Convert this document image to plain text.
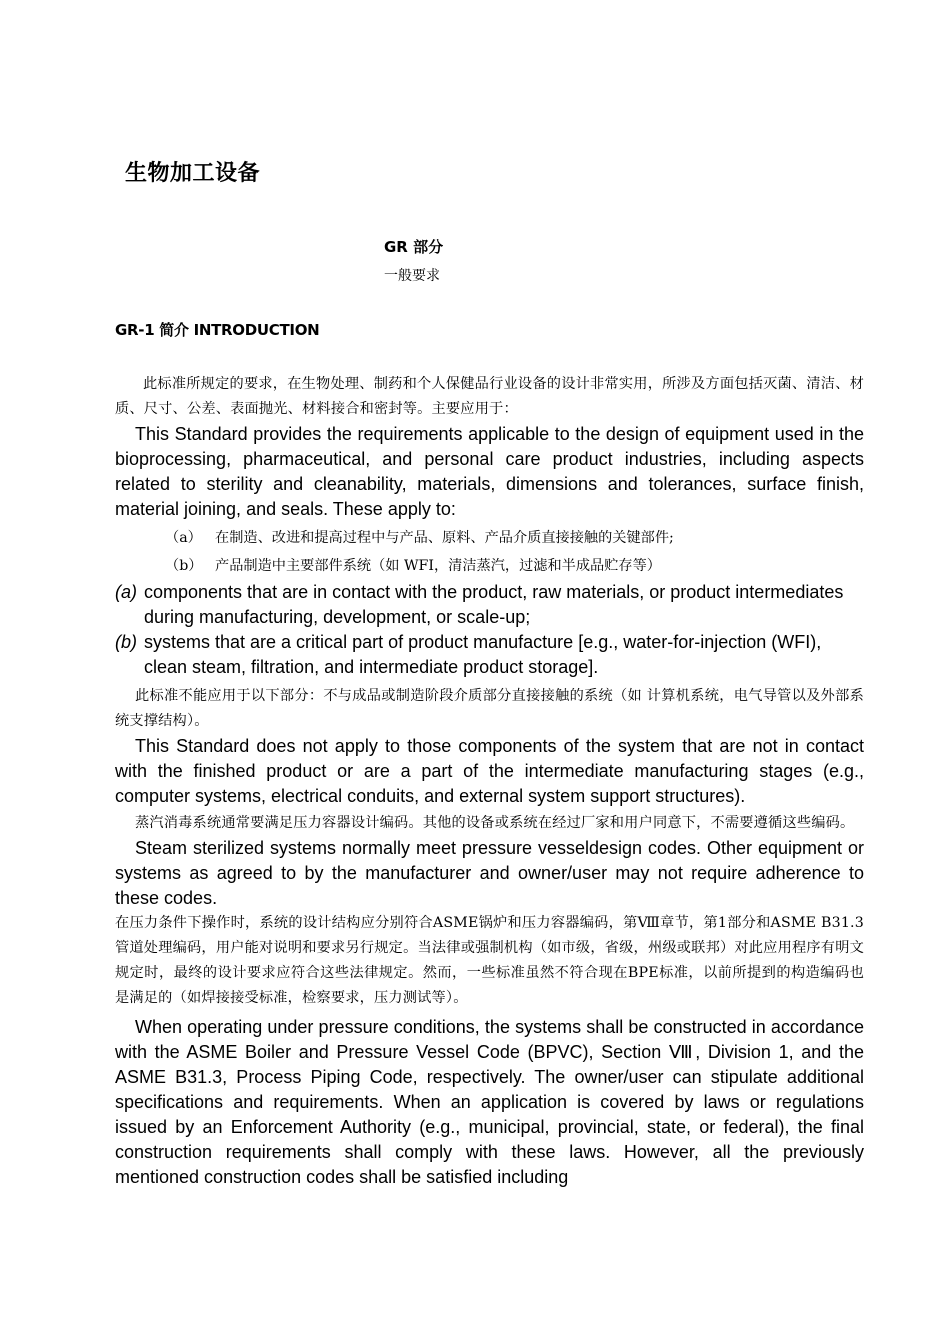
生物加工设备
GR 部分
一般要求
GR-1 简介 INTRODUCTION

此标准所规定的要求，在生物处理、制药和个人保健品行业设备的设计非常实用，所涉及方面包括灭菌、清洁、材质、尺寸、公差、表面抛光、材料接合和密封等。主要应用于：

This Standard provides the requirements applicable to the design of equipment used in the bioprocessing, pharmaceutical, and personal care product industries, including aspects related to sterility and cleanability, materials, dimensions and tolerances, surface finish, material joining, and seals. These apply to:

（a） 在制造、改进和提高过程中与产品、原料、产品介质直接接触的关键部件;

（b） 产品制造中主要部件系统（如 WFI，清洁蒸汽，过滤和半成品贮存等）

(a) components that are in contact with the product, raw materials, or product intermediates during manufacturing, development, or scale-up;

(b) systems that are a critical part of product manufacture [e.g., water-for-injection (WFI), clean steam, filtration, and intermediate product storage].

此标准不能应用于以下部分：不与成品或制造阶段介质部分直接接触的系统（如 计算机系统，电气导管以及外部系统支撑结构）。

This Standard does not apply to those components of the system that are not in contact with the finished product or are a part of the intermediate manufacturing stages (e.g., computer systems, electrical conduits, and external system support structures).

蒸汽消毒系统通常要满足压力容器设计编码。其他的设备或系统在经过厂家和用户同意下，不需要遵循这些编码。

Steam sterilized systems normally meet pressure vesseldesign codes. Other equipment or systems as agreed to by the manufacturer and owner/user may not require adherence to these codes.

在压力条件下操作时，系统的设计结构应分别符合ASME锅炉和压力容器编码，第Ⅷ章节，第1部分和ASME B31.3管道处理编码，用户能对说明和要求另行规定。当法律或强制机构（如市级，省级，州级或联邦）对此应用程序有明文规定时，最终的设计要求应符合这些法律规定。然而，一些标准虽然不符合现在BPE标准，以前所提到的构造编码也是满足的（如焊接接受标准，检察要求，压力测试等）。

When operating under pressure conditions, the systems shall be constructed in accordance with the ASME Boiler and Pressure Vessel Code (BPVC), Section Ⅷ, Division 1, and the ASME B31.3, Process Piping Code, respectively. The owner/user can stipulate additional specifications and requirements. When an application is covered by laws or regulations issued by an Enforcement Authority (e.g., municipal, provincial, state, or federal), the final construction requirements shall comply with these laws. However, all the previously mentioned construction codes shall be satisfied including
